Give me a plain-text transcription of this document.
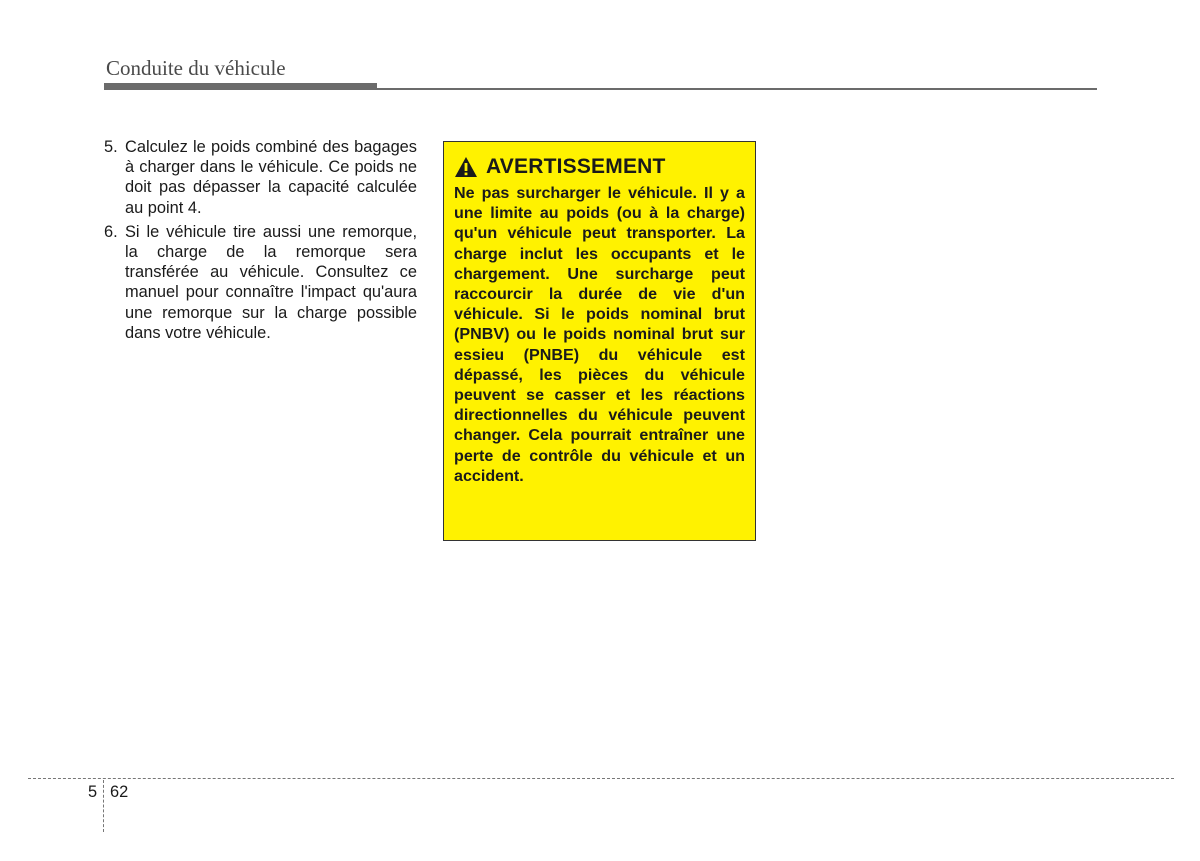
Conduite du véhicule
5. Calculez le poids combiné des bagages à charger dans le véhicule. Ce poids ne doit pas dépasser la capacité calculée au point 4.
6. Si le véhicule tire aussi une remorque, la charge de la remorque sera transférée au véhicule. Consultez ce manuel pour connaître l'impact qu'aura une remorque sur la charge possible dans votre véhicule.
AVERTISSEMENT

Ne pas surcharger le véhicule. Il y a une limite au poids (ou à la charge) qu'un véhicule peut transporter. La charge inclut les occupants et le chargement. Une surcharge peut raccourcir la durée de vie d'un véhicule. Si le poids nominal brut (PNBV) ou le poids nominal brut sur essieu (PNBE) du véhicule est dépassé, les pièces du véhicule peuvent se casser et les réactions directionnelles du véhicule peuvent changer. Cela pourrait entraîner une perte de contrôle du véhicule et un accident.

5 62
